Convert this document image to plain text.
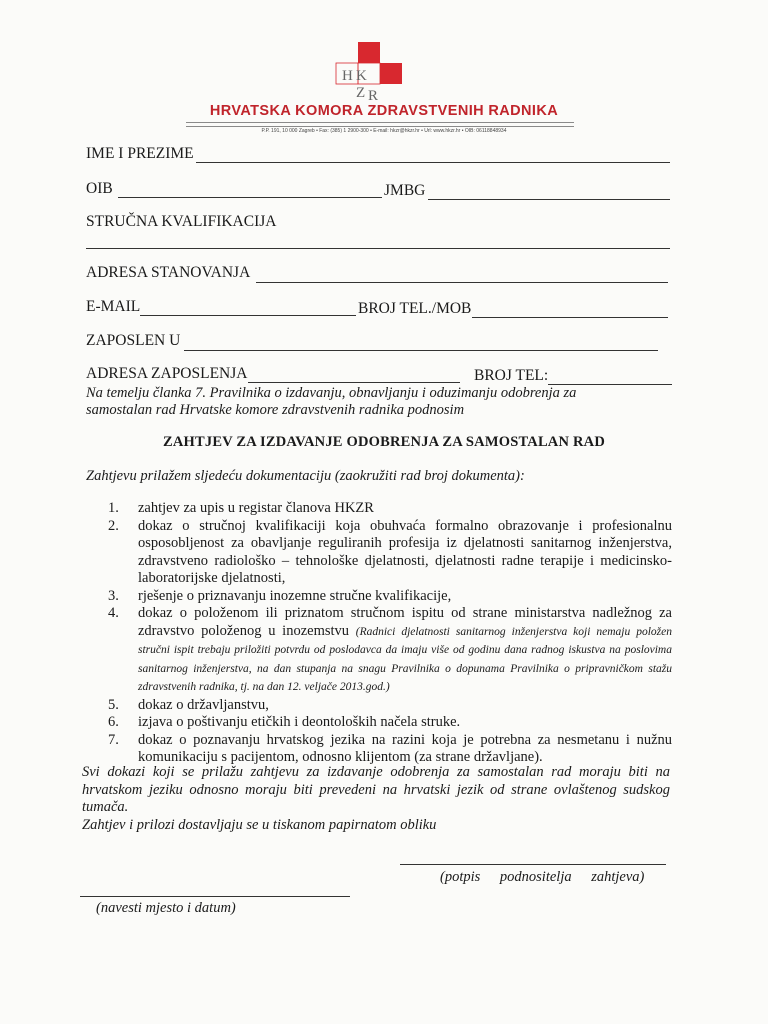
H K
Z R
HRVATSKA KOMORA ZDRAVSTVENIH RADNIKA
P.P. 191, 10 000 Zagreb • Fax: (385) 1 2900-300 • E-mail: hkzr@hkzr.hr • Url: www.hkzr.hr • OIB: 06118848934
IME I PREZIME
OIB	JMBG
STRUČNA KVALIFIKACIJA
ADRESA STANOVANJA
E-MAIL	BROJ TEL./MOB
ZAPOSLEN U
ADRESA ZAPOSLENJA	BROJ TEL:
Na temelju članka 7. Pravilnika o izdavanju, obnavljanju i oduzimanju odobrenja za samostalan rad Hrvatske komore zdravstvenih radnika podnosim
ZAHTJEV ZA IZDAVANJE ODOBRENJA ZA SAMOSTALAN RAD
Zahtjevu prilažem sljedeću dokumentaciju (zaokružiti rad broj dokumenta):
1. zahtjev za upis u registar članova HKZR
2. dokaz o stručnoj kvalifikaciji koja obuhvaća formalno obrazovanje i profesionalnu osposobljenost za obavljanje reguliranih profesija iz djelatnosti sanitarnog inženjerstva, zdravstveno radiološko – tehnološke djelatnosti, djelatnosti radne terapije i medicinsko- laboratorijske djelatnosti,
3. rješenje o priznavanju inozemne stručne kvalifikacije,
4. dokaz o položenom ili priznatom stručnom ispitu od strane ministarstva nadležnog za zdravstvo položenog u inozemstvu (Radnici djelatnosti sanitarnog inženjerstva koji nemaju položen stručni ispit trebaju priložiti potvrdu od poslodavca da imaju više od godinu dana radnog iskustva na poslovima sanitarnog inženjerstva, na dan stupanja na snagu Pravilnika o dopunama Pravilnika o pripravničkom stažu zdravstvenih radnika, tj. na dan 12. veljače 2013.god.)
5. dokaz o državljanstvu,
6. izjava o poštivanju etičkih i deontoloških načela struke.
7. dokaz o poznavanju hrvatskog jezika na razini koja je potrebna za nesmetanu i nužnu komunikaciju s pacijentom, odnosno klijentom (za strane državljane).
Svi dokazi koji se prilažu zahtjevu za izdavanje odobrenja za samostalan rad moraju biti na hrvatskom jeziku odnosno moraju biti prevedeni na hrvatski jezik od strane ovlaštenog sudskog tumača.
Zahtjev i prilozi dostavljaju se u tiskanom papirnatom obliku
(potpis podnositelja zahtjeva)
(navesti mjesto i datum)
